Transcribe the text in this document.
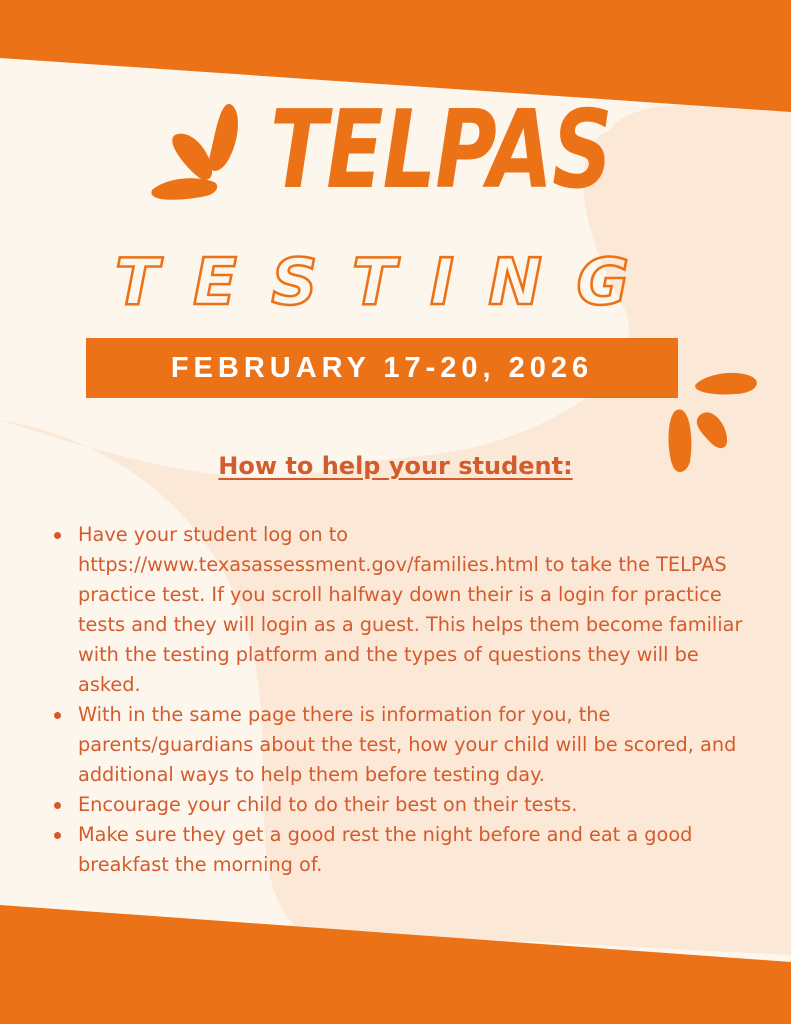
TELPAS
TESTING
FEBRUARY 17-20, 2026
How to help your student:
Have your student log on to https://www.texasassessment.gov/families.html to take the TELPAS practice test. If you scroll halfway down their is a login for practice tests and they will login as a guest. This helps them become familiar with the testing platform and the types of questions they will be asked.
With in the same page there is information for you, the parents/guardians about the test, how your child will be scored, and additional ways to help them before testing day.
Encourage your child to do their best on their tests.
Make sure they get a good rest the night before and eat a good breakfast the morning of.
